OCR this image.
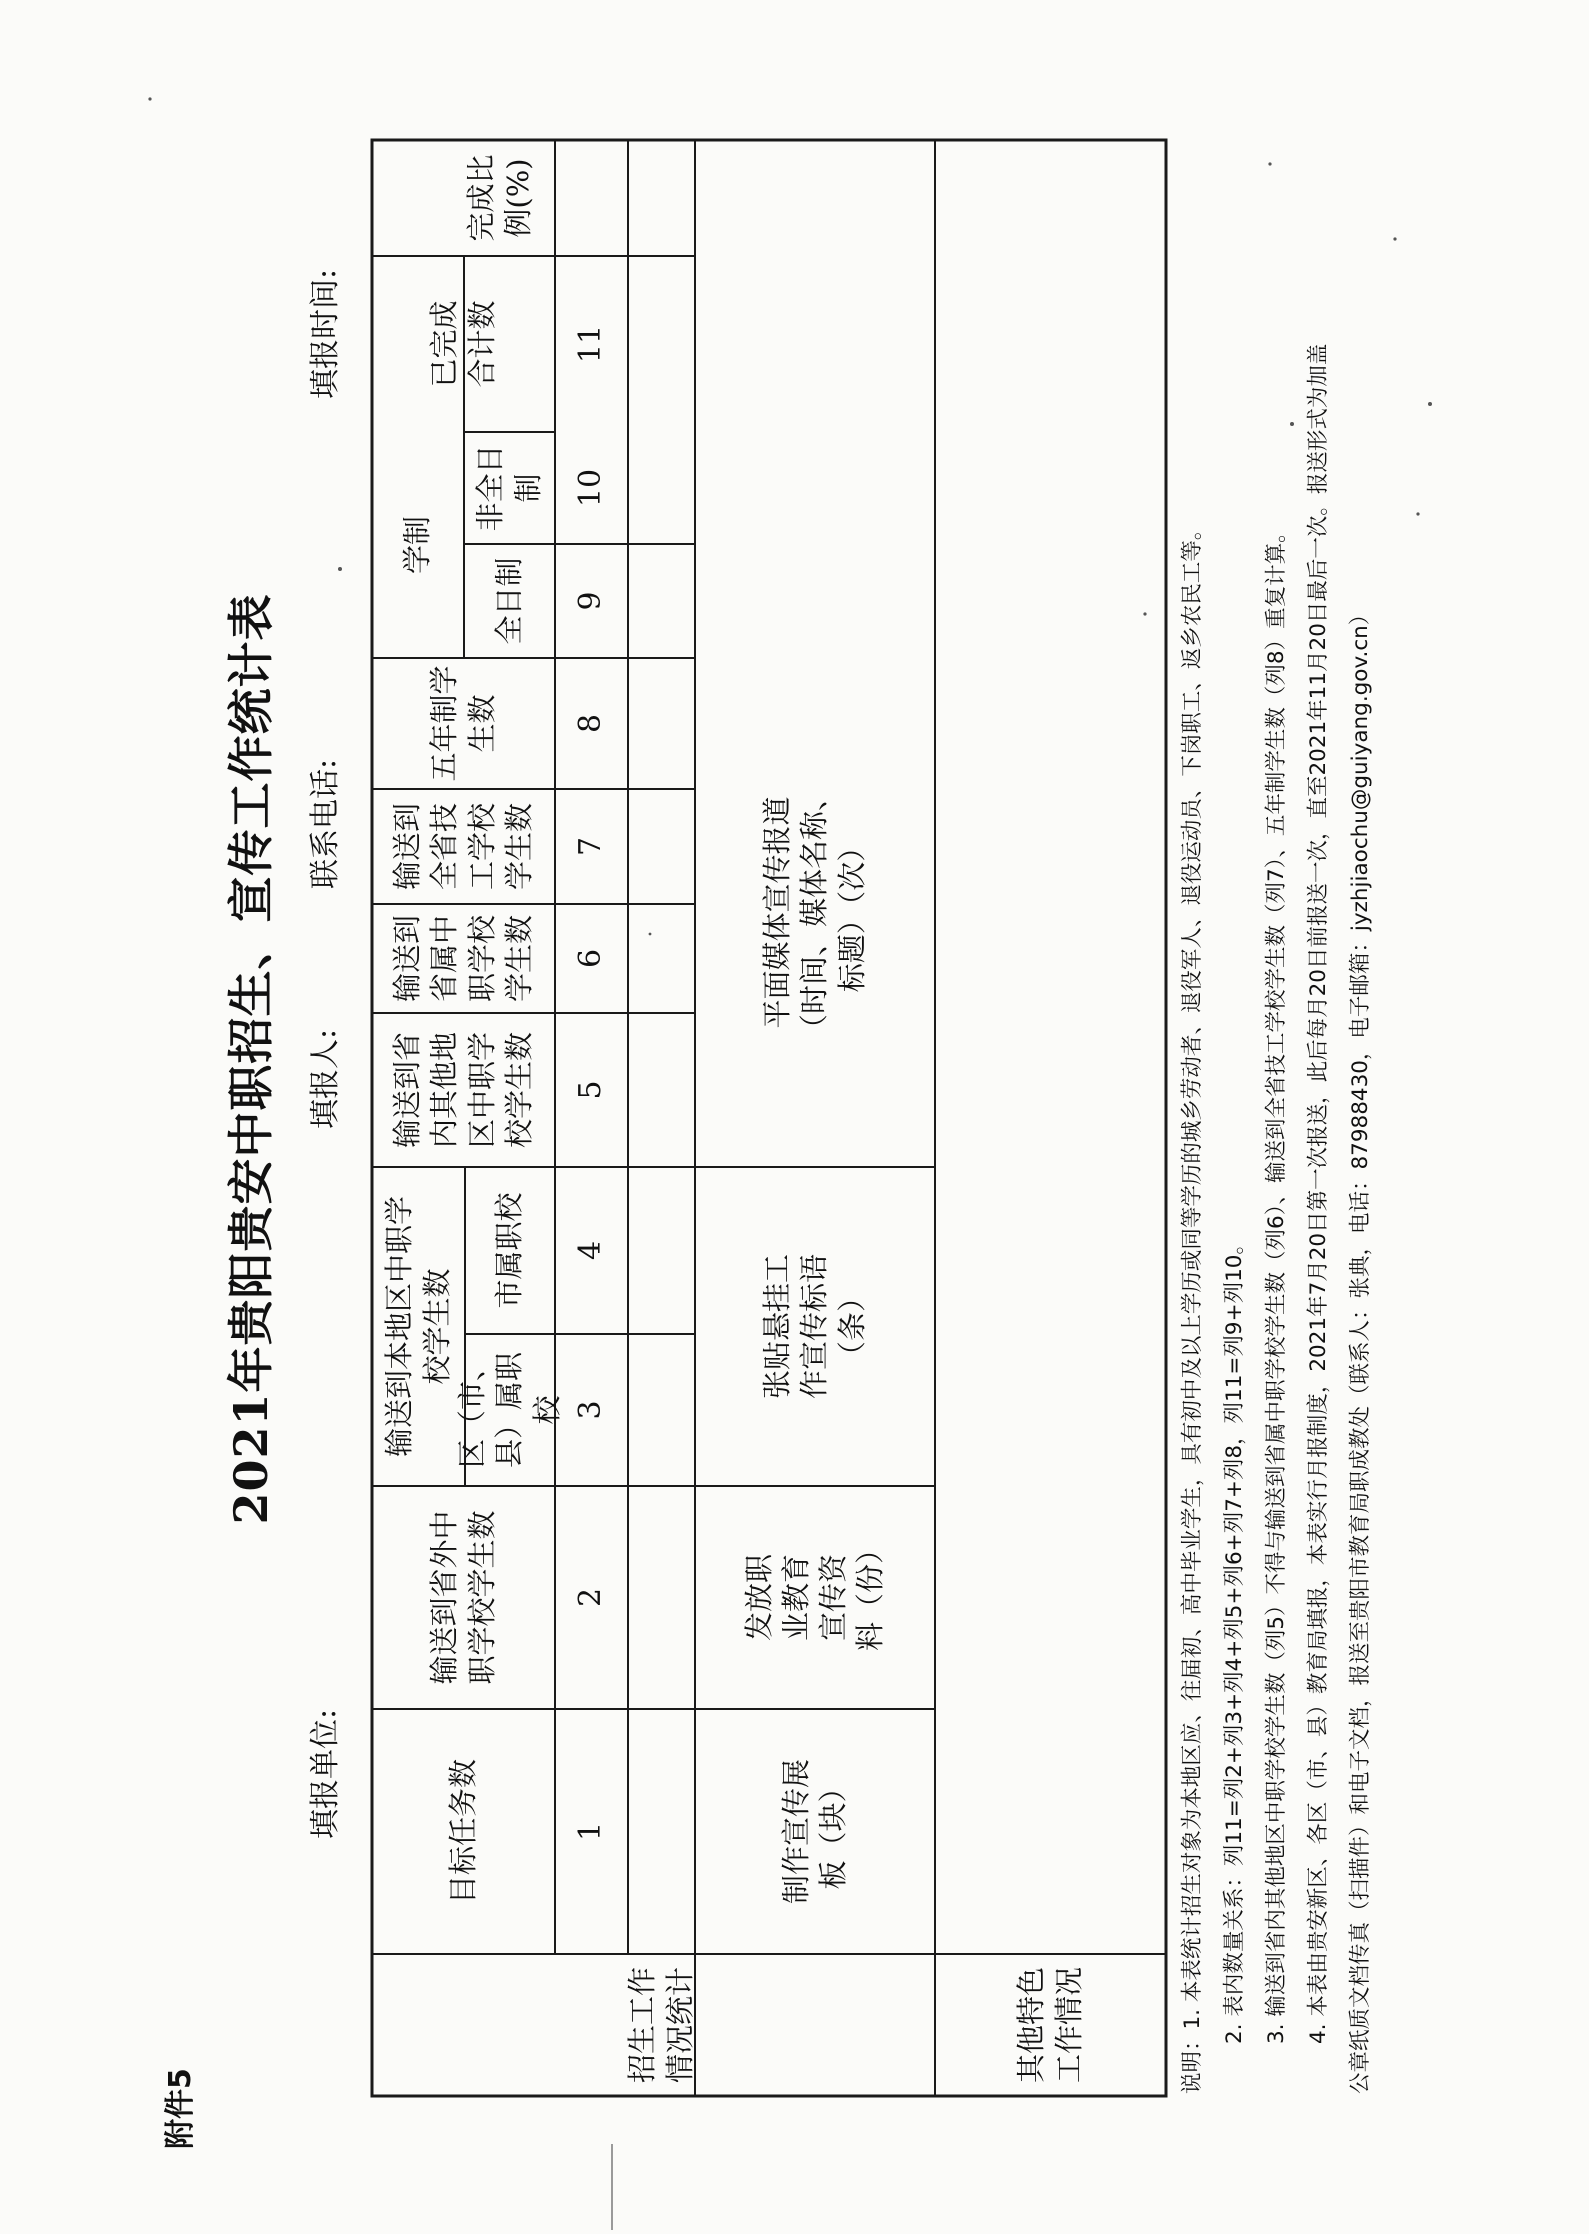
附件5
2021年贵阳贵安中职招生、宣传工作统计表
填报单位:
填报人:
联系电话:
填报时间:
招生工作情况统计	其他特色工作情况
目标任务数
输送到省外中职学校学生数
输送到本地区中职学校学生数
区（市、县）属职校
市属职校
输送到省内其他地区中职学校学生数
输送到省属中职学校学生数
输送到全省技工学校学生数
五年制学生数
学制
全日制
非全日制
已完成合计数
完成比例(%)
1
2
3
4
5
6
7
8
9
10
11
制作宣传展板（块）
发放职业教育宣传资料（份）
张贴悬挂工作宣传标语（条）
平面媒体宣传报道（时间、媒体名称、标题）（次）	说明：1. 本表统计招生对象为本地区应、往届初、高中毕业学生，具有初中及以上学历或同等学历的城乡劳动者、退役军人、退役运动员、下岗职工、返乡农民工等。 2. 表内数量关系：列11=列2+列3+列4+列5+列6+列7+列8，列11=列9+列10。 3. 输送到省内其他地区中职学校学生数（列5）不得与输送到省属中职学校学生数（列6）、输送到全省技工学校学生数（列7）、五年制学生数（列8）重复计算。 4. 本表由贵安新区、各区（市、县）教育局填报，本表实行月报制度，2021年7月20日第一次报送，此后每月20日前报送一次，直至2021年11月20日最后一次。报送形式为加盖 公章纸质文档传真（扫描件）和电子文档，报送至贵阳市教育局职成教处（联系人：张典，电话：87988430，电子邮箱：jyzhjiaochu@guiyang.gov.cn）
